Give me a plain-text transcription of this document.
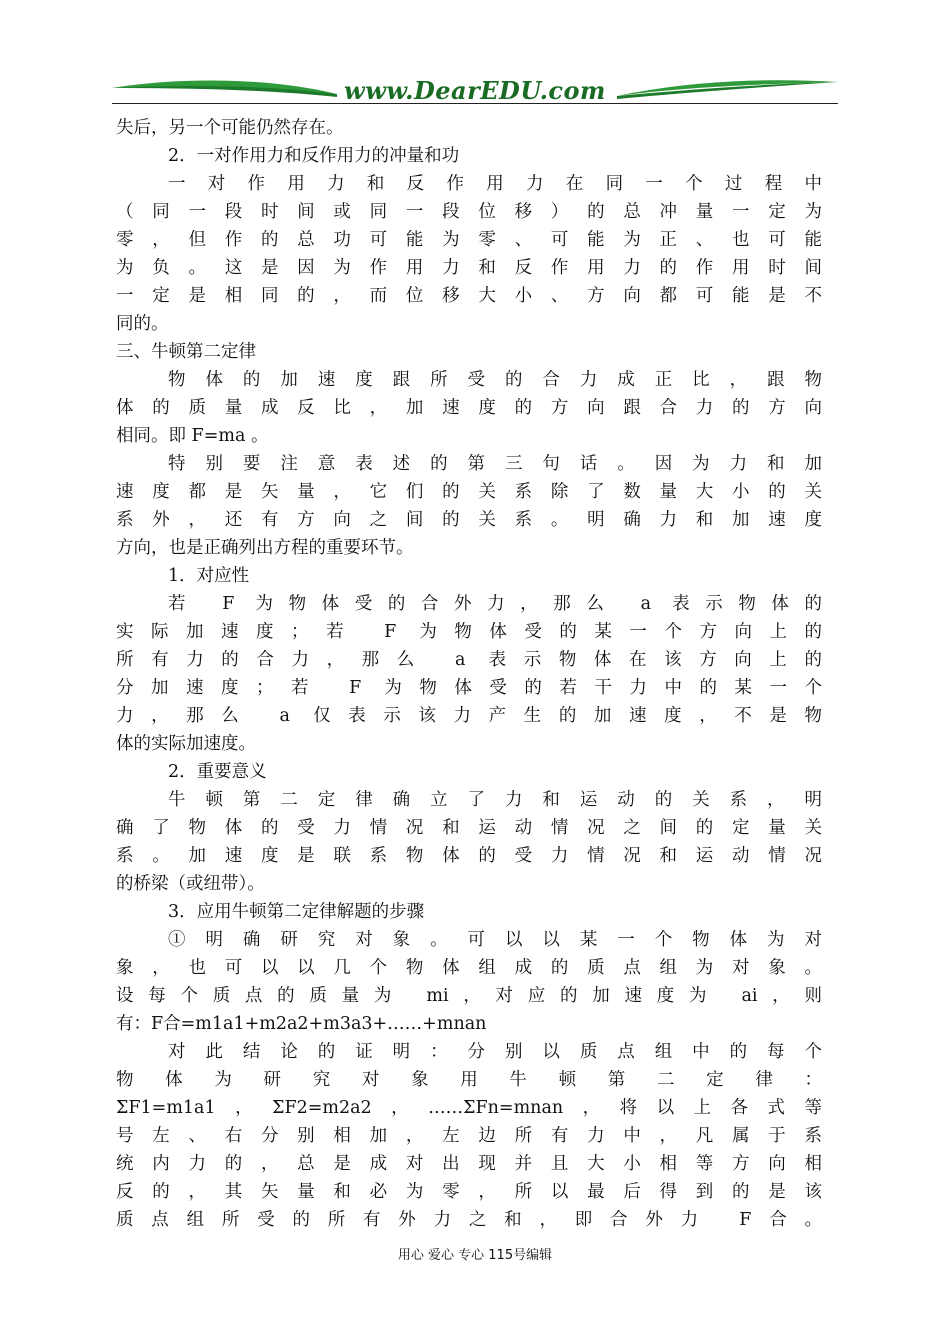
www.DearEDU.com
失后，另一个可能仍然存在。
2．一对作用力和反作用力的冲量和功
一对作用力和反作用力在同一个过程中
（同一段时间或同一段位移）的总冲量一定为
零，但作的总功可能为零、可能为正、也可能
为负。这是因为作用力和反作用力的作用时间
一定是相同的，而位移大小、方向都可能是不
同的。
三、牛顿第二定律
物体的加速度跟所受的合力成正比，跟物
体的质量成反比，加速度的方向跟合力的方向
相同。即 F=ma 。
特别要注意表述的第三句话。因为力和加
速度都是矢量，它们的关系除了数量大小的关
系外，还有方向之间的关系。明确力和加速度
方向，也是正确列出方程的重要环节。
1．对应性
若 F 为物体受的合外力，那么 a 表示物体的
实际加速度；若 F 为物体受的某一个方向上的
所有力的合力，那么 a 表示物体在该方向上的
分加速度；若 F 为物体受的若干力中的某一个
力，那么 a 仅表示该力产生的加速度，不是物
体的实际加速度。
2．重要意义
牛顿第二定律确立了力和运动的关系，明
确了物体的受力情况和运动情况之间的定量关
系。加速度是联系物体的受力情况和运动情况
的桥梁（或纽带）。
3．应用牛顿第二定律解题的步骤
①明确研究对象。可以以某一个物体为对
象，也可以以几个物体组成的质点组为对象。
设每个质点的质量为 mi，对应的加速度为 ai，则
有：F合=m1a1+m2a2+m3a3+……+mnan
对此结论的证明：分别以质点组中的每个
物体为研究对象用牛顿第二定律：
ΣF1=m1a1，ΣF2=m2a2，……ΣFn=mnan，将以上各式等
号左、右分别相加，左边所有力中，凡属于系
统内力的，总是成对出现并且大小相等方向相
反的，其矢量和必为零，所以最后得到的是该
质点组所受的所有外力之和，即合外力 F合。
用心 爱心 专心 115号编辑
